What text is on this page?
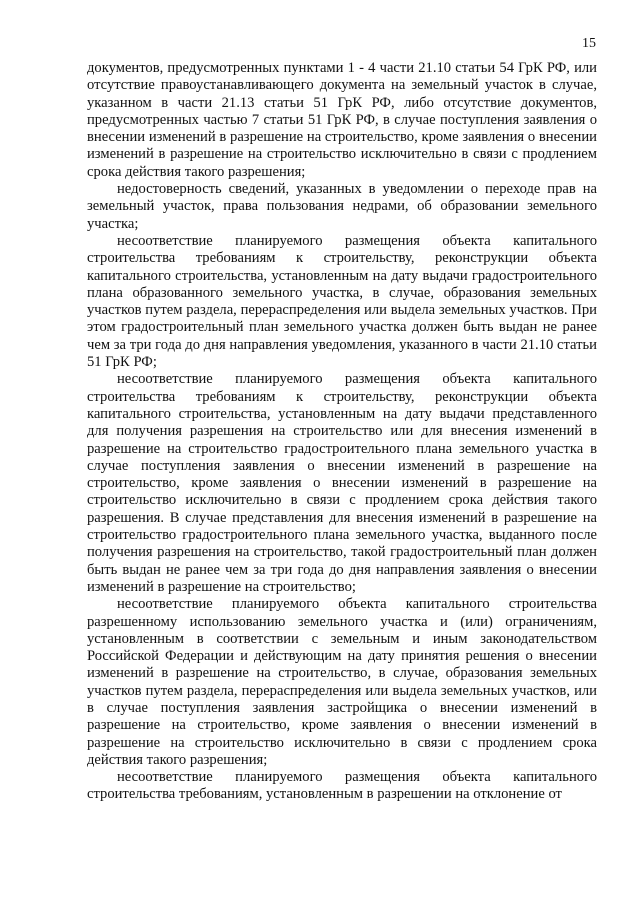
15

документов, предусмотренных пунктами 1 - 4 части 21.10 статьи 54 ГрК РФ, или отсутствие правоустанавливающего документа на земельный участок в случае, указанном в части 21.13 статьи 51 ГрК РФ, либо отсутствие документов, предусмотренных частью 7 статьи 51 ГрК РФ, в случае поступления заявления о внесении изменений в разрешение на строительство, кроме заявления о внесении изменений в разрешение на строительство исключительно в связи с продлением срока действия такого разрешения;

недостоверность сведений, указанных в уведомлении о переходе прав на земельный участок, права пользования недрами, об образовании земельного участка;

несоответствие планируемого размещения объекта капитального строительства требованиям к строительству, реконструкции объекта капитального строительства, установленным на дату выдачи градостроительного плана образованного земельного участка, в случае, образования земельных участков путем раздела, перераспределения или выдела земельных участков. При этом градостроительный план земельного участка должен быть выдан не ранее чем за три года до дня направления уведомления, указанного в части 21.10 статьи 51 ГрК РФ;

несоответствие планируемого размещения объекта капитального строительства требованиям к строительству, реконструкции объекта капитального строительства, установленным на дату выдачи представленного для получения разрешения на строительство или для внесения изменений в разрешение на строительство градостроительного плана земельного участка в случае поступления заявления о внесении изменений в разрешение на строительство, кроме заявления о внесении изменений в разрешение на строительство исключительно в связи с продлением срока действия такого разрешения. В случае представления для внесения изменений в разрешение на строительство градостроительного плана земельного участка, выданного после получения разрешения на строительство, такой градостроительный план должен быть выдан не ранее чем за три года до дня направления заявления о внесении изменений в разрешение на строительство;

несоответствие планируемого объекта капитального строительства разрешенному использованию земельного участка и (или) ограничениям, установленным в соответствии с земельным и иным законодательством Российской Федерации и действующим на дату принятия решения о внесении изменений в разрешение на строительство, в случае, образования земельных участков путем раздела, перераспределения или выдела земельных участков, или в случае поступления заявления застройщика о внесении изменений в разрешение на строительство, кроме заявления о внесении изменений в разрешение на строительство исключительно в связи с продлением срока действия такого разрешения;

несоответствие планируемого размещения объекта капитального строительства требованиям, установленным в разрешении на отклонение от
